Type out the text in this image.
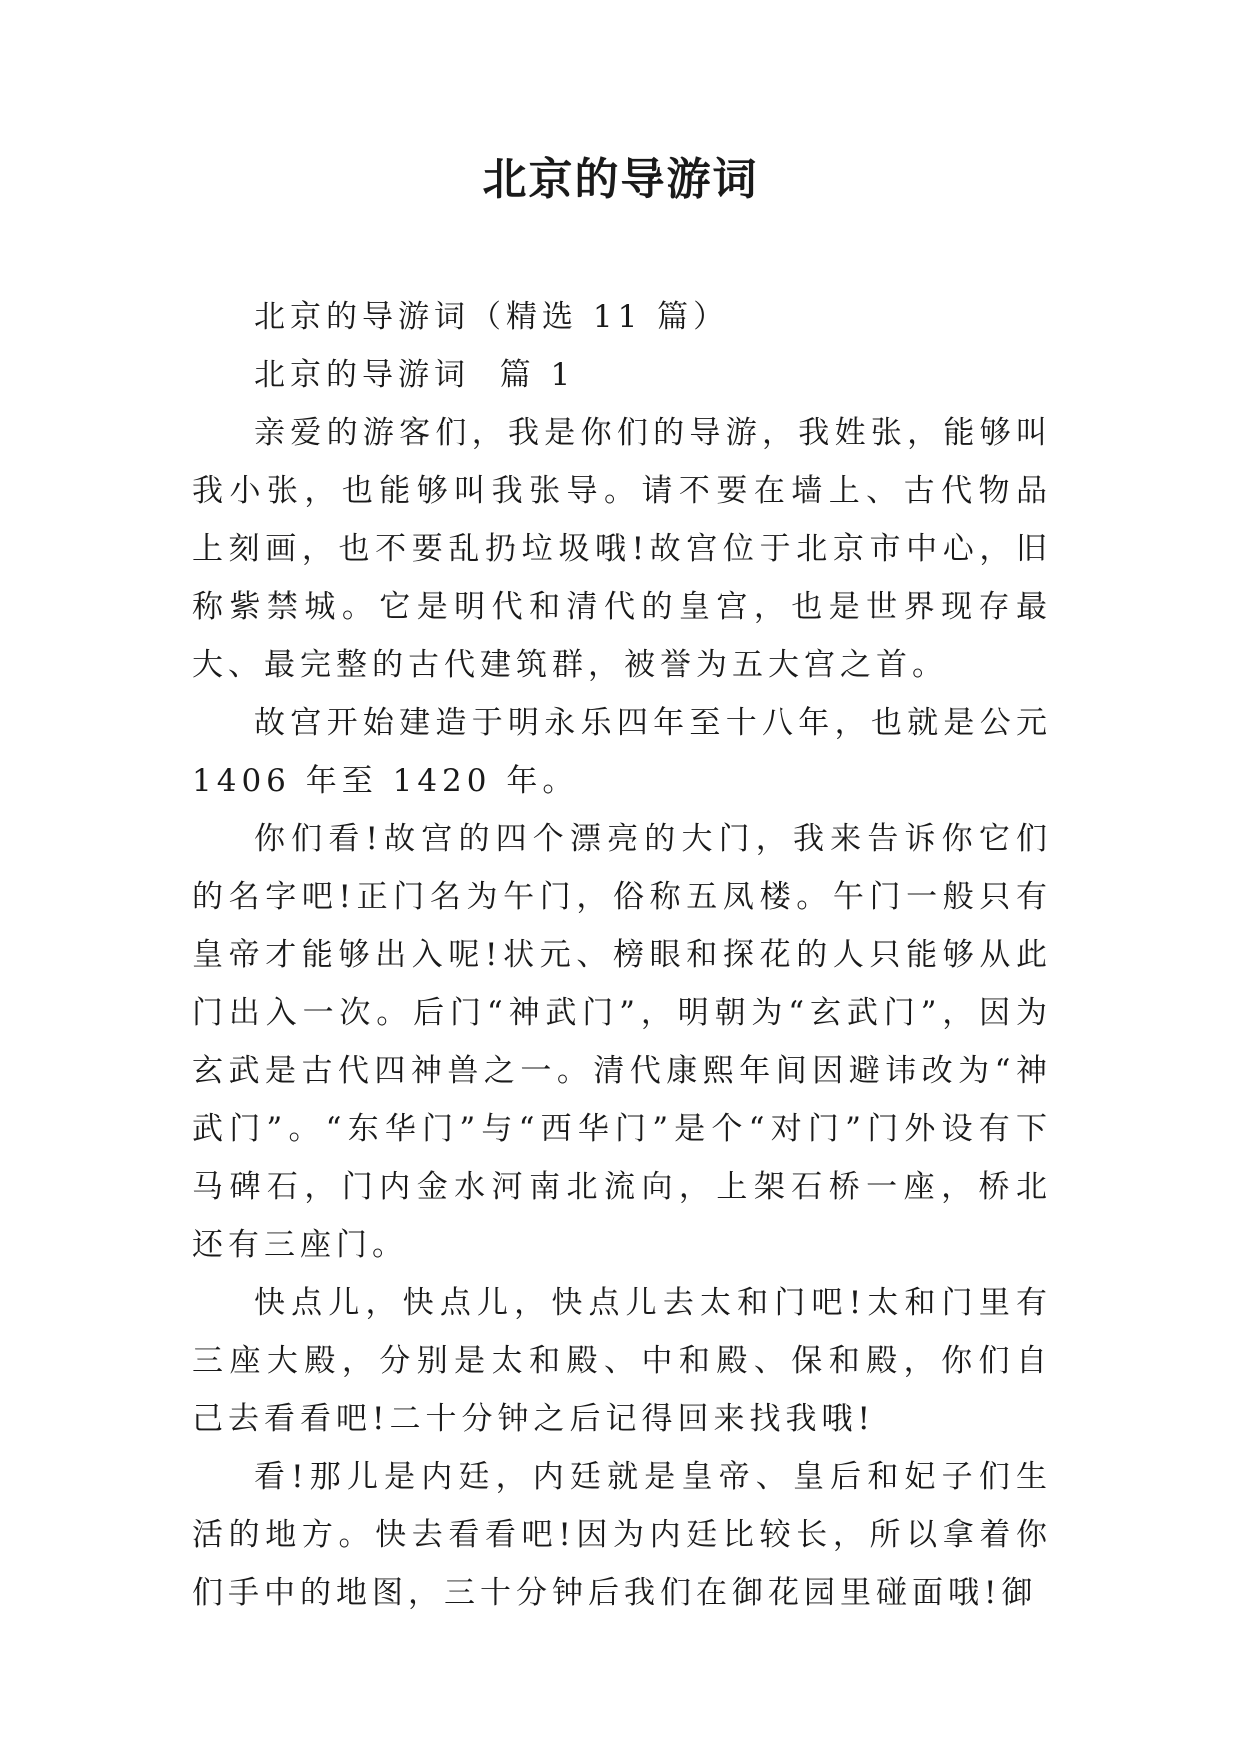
北京的导游词

北京的导游词（精选 11 篇）

北京的导游词  篇 1

亲爱的游客们，我是你们的导游，我姓张，能够叫我小张，也能够叫我张导。请不要在墙上、古代物品上刻画，也不要乱扔垃圾哦!故宫位于北京市中心，旧称紫禁城。它是明代和清代的皇宫，也是世界现存最大、最完整的古代建筑群，被誉为五大宫之首。

故宫开始建造于明永乐四年至十八年，也就是公元 1406 年至 1420 年。

你们看!故宫的四个漂亮的大门，我来告诉你它们的名字吧!正门名为午门，俗称五凤楼。午门一般只有皇帝才能够出入呢!状元、榜眼和探花的人只能够从此门出入一次。后门“神武门”，明朝为“玄武门”，因为玄武是古代四神兽之一。清代康熙年间因避讳改为“神武门”。“东华门”与“西华门”是个“对门”门外设有下马碑石，门内金水河南北流向，上架石桥一座，桥北还有三座门。

快点儿，快点儿，快点儿去太和门吧!太和门里有三座大殿，分别是太和殿、中和殿、保和殿，你们自己去看看吧!二十分钟之后记得回来找我哦!

看!那儿是内廷，内廷就是皇帝、皇后和妃子们生活的地方。快去看看吧!因为内廷比较长，所以拿着你们手中的地图，三十分钟后我们在御花园里碰面哦!御
